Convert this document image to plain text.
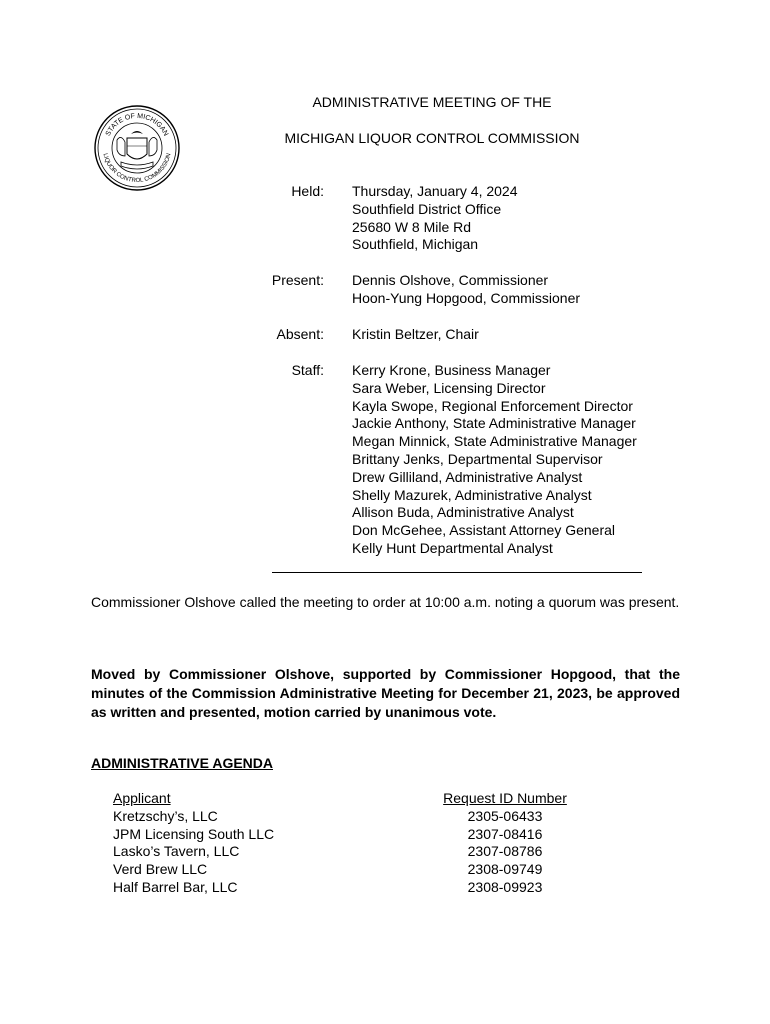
STATE OF MICHIGAN
LIQUOR CONTROL COMMISSION
ADMINISTRATIVE MEETING OF THE
MICHIGAN LIQUOR CONTROL COMMISSION
Held: Thursday, January 4, 2024
Southfield District Office
25680 W 8 Mile Rd
Southfield, Michigan
Present: Dennis Olshove, Commissioner
Hoon-Yung Hopgood, Commissioner
Absent: Kristin Beltzer, Chair
Staff: Kerry Krone, Business Manager
Sara Weber, Licensing Director
Kayla Swope, Regional Enforcement Director
Jackie Anthony, State Administrative Manager
Megan Minnick, State Administrative Manager
Brittany Jenks, Departmental Supervisor
Drew Gilliland, Administrative Analyst
Shelly Mazurek, Administrative Analyst
Allison Buda, Administrative Analyst
Don McGehee, Assistant Attorney General
Kelly Hunt Departmental Analyst
Commissioner Olshove called the meeting to order at 10:00 a.m. noting a quorum was present.
Moved by Commissioner Olshove, supported by Commissioner Hopgood, that the minutes of the Commission Administrative Meeting for December 21, 2023, be approved as written and presented, motion carried by unanimous vote.
ADMINISTRATIVE AGENDA
Applicant
Kretzschy’s, LLC
JPM Licensing South LLC
Lasko’s Tavern, LLC
Verd Brew LLC
Half Barrel Bar, LLC
Request ID Number
2305-06433
2307-08416
2307-08786
2308-09749
2308-09923
